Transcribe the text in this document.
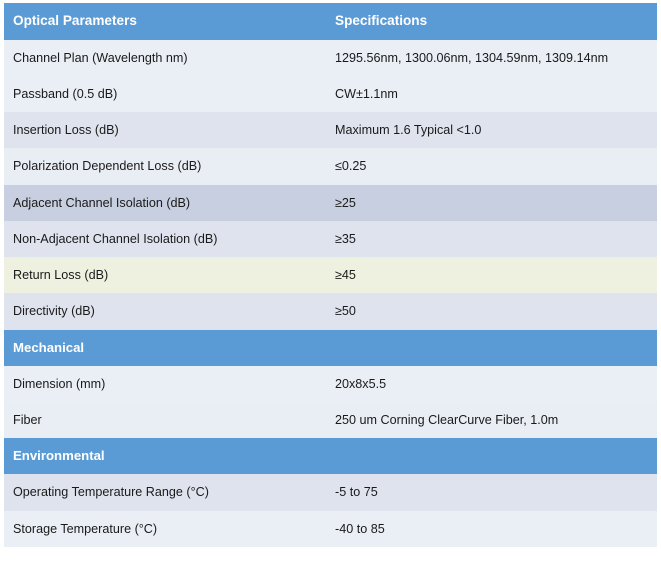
Optical Parameters	Specifications
Channel Plan (Wavelength nm)	1295.56nm, 1300.06nm, 1304.59nm, 1309.14nm
Passband (0.5 dB)	CW±1.1nm
Insertion Loss (dB)	Maximum 1.6 Typical <1.0
Polarization Dependent Loss (dB)	≤0.25
Adjacent Channel Isolation (dB)	≥25
Non-Adjacent Channel Isolation (dB)	≥35
Return Loss (dB)	≥45
Directivity (dB)	≥50
Mechanical	
Dimension (mm)	20x8x5.5
Fiber	250 um Corning ClearCurve Fiber, 1.0m
Environmental	
Operating Temperature Range (°C)	-5 to 75
Storage Temperature (°C)	-40 to 85
